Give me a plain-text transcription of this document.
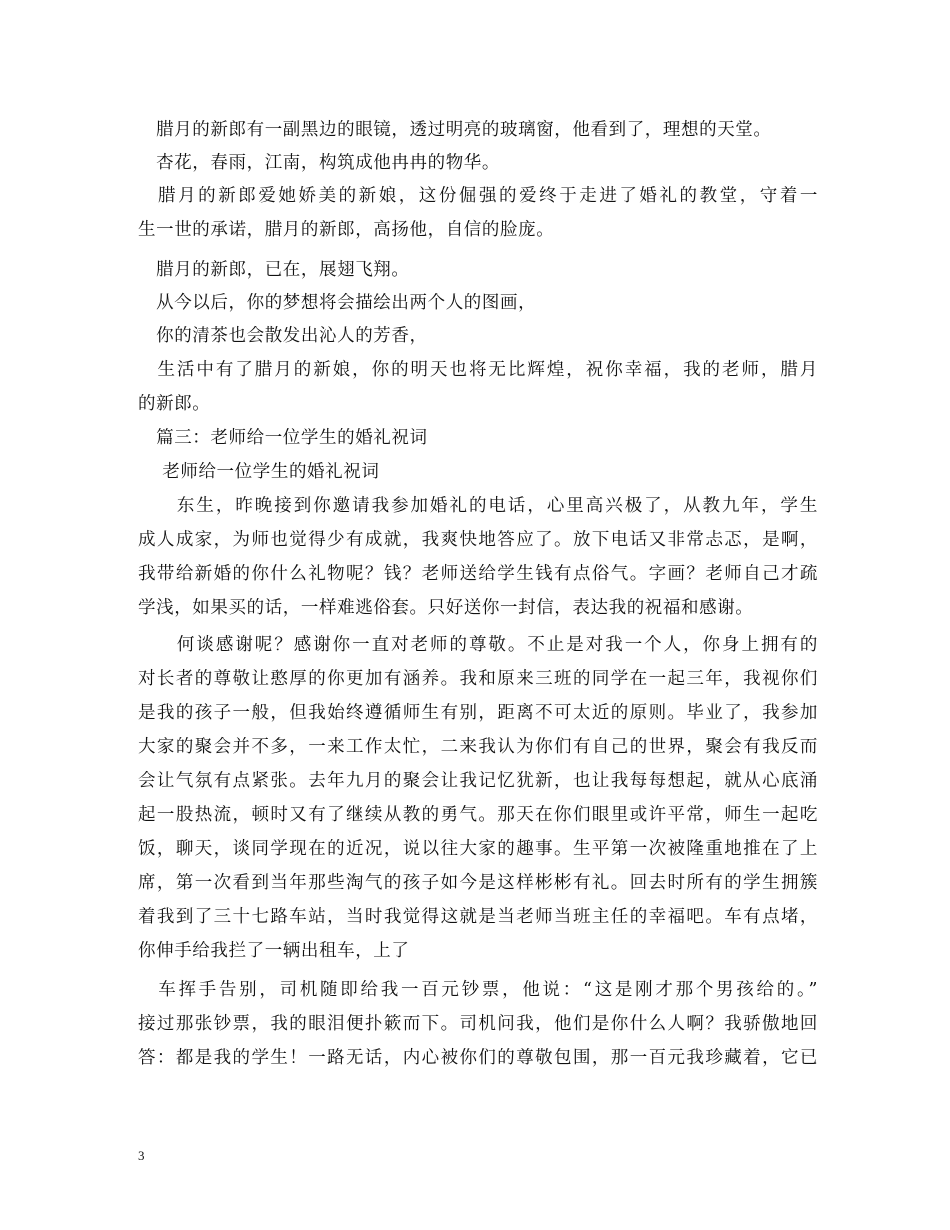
　腊月的新郎有一副黑边的眼镜，透过明亮的玻璃窗，他看到了，理想的天堂。
　杏花，春雨，江南，构筑成他冉冉的物华。
　腊月的新郎爱她娇美的新娘，这份倔强的爱终于走进了婚礼的教堂，守着一
生一世的承诺，腊月的新郎，高扬他，自信的脸庞。
　腊月的新郎，已在，展翅飞翔。
　从今以后，你的梦想将会描绘出两个人的图画，
　你的清茶也会散发出沁人的芳香，
　生活中有了腊月的新娘，你的明天也将无比辉煌，祝你幸福，我的老师，腊月
的新郎。
　篇三：老师给一位学生的婚礼祝词
　 老师给一位学生的婚礼祝词
　　东生，昨晚接到你邀请我参加婚礼的电话，心里高兴极了，从教九年，学生
成人成家，为师也觉得少有成就，我爽快地答应了。放下电话又非常忐忑，是啊，
我带给新婚的你什么礼物呢？钱？老师送给学生钱有点俗气。字画？老师自己才疏
学浅，如果买的话，一样难逃俗套。只好送你一封信，表达我的祝福和感谢。
　　何谈感谢呢？感谢你一直对老师的尊敬。不止是对我一个人，你身上拥有的
对长者的尊敬让憨厚的你更加有涵养。我和原来三班的同学在一起三年，我视你们
是我的孩子一般，但我始终遵循师生有别，距离不可太近的原则。毕业了，我参加
大家的聚会并不多，一来工作太忙，二来我认为你们有自己的世界，聚会有我反而
会让气氛有点紧张。去年九月的聚会让我记忆犹新，也让我每每想起，就从心底涌
起一股热流，顿时又有了继续从教的勇气。那天在你们眼里或许平常，师生一起吃
饭，聊天，谈同学现在的近况，说以往大家的趣事。生平第一次被隆重地推在了上
席，第一次看到当年那些淘气的孩子如今是这样彬彬有礼。回去时所有的学生拥簇
着我到了三十七路车站，当时我觉得这就是当老师当班主任的幸福吧。车有点堵，
你伸手给我拦了一辆出租车，上了
　车挥手告别，司机随即给我一百元钞票，他说：“这是刚才那个男孩给的。”
接过那张钞票，我的眼泪便扑簌而下。司机问我，他们是你什么人啊？我骄傲地回
答：都是我的学生！一路无话，内心被你们的尊敬包围，那一百元我珍藏着，它已
3
